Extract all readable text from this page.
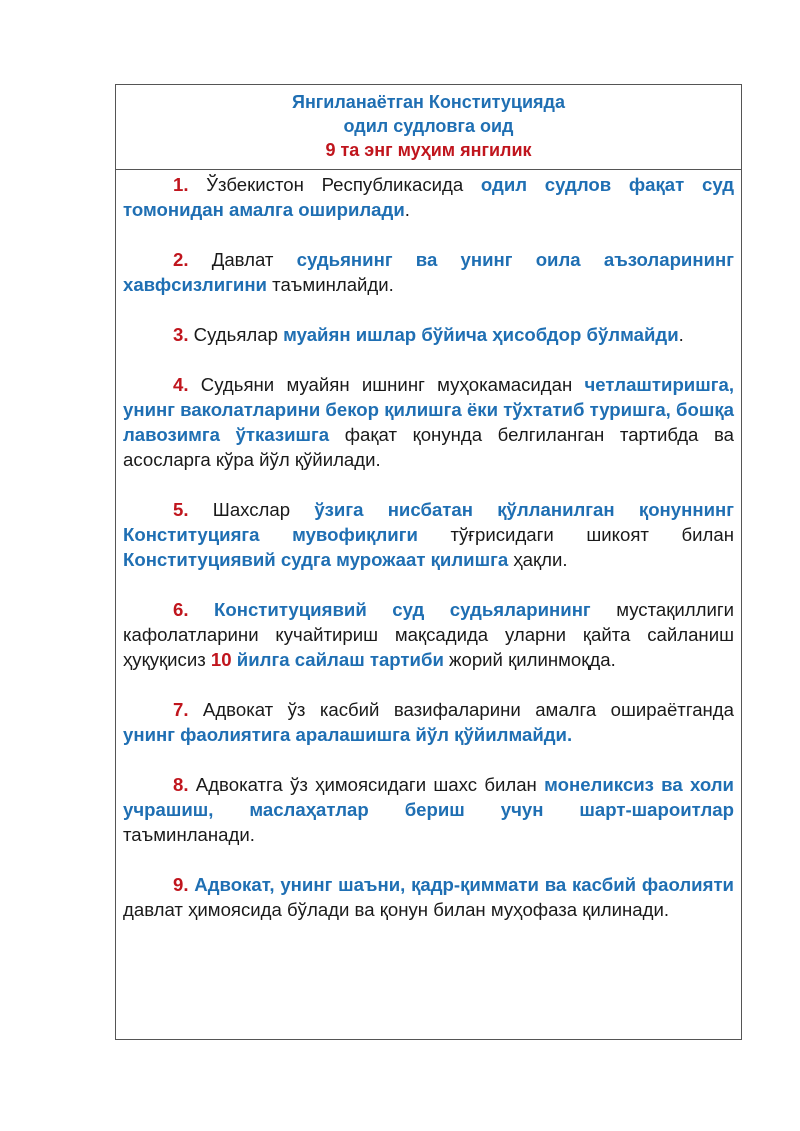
Янгиланаётган Конституцияда
одил судловга оид
9 та энг муҳим янгилик
1. Ўзбекистон Республикасида одил судлов фақат суд томонидан амалга оширилади.
2. Давлат судьянинг ва унинг оила аъзоларининг хавфсизлигини таъминлайди.
3. Судьялар муайян ишлар бўйича ҳисобдор бўлмайди.
4. Судьяни муайян ишнинг муҳокамасидан четлаштиришга, унинг ваколатларини бекор қилишга ёки тўхтатиб туришга, бошқа лавозимга ўтказишга фақат қонунда белгиланган тартибда ва асосларга кўра йўл қўйилади.
5. Шахслар ўзига нисбатан қўлланилган қонуннинг Конституцияга мувофиқлиги тўғрисидаги шикоят билан Конституциявий судга мурожаат қилишга ҳақли.
6. Конституциявий суд судьяларининг мустақиллиги кафолатларини кучайтириш мақсадида уларни қайта сайланиш ҳуқуқисиз 10 йилга сайлаш тартиби жорий қилинмоқда.
7. Адвокат ўз касбий вазифаларини амалга ошираётганда унинг фаолиятига аралашишга йўл қўйилмайди.
8. Адвокатга ўз ҳимоясидаги шахс билан монеликсиз ва холи учрашиш, маслаҳатлар бериш учун шарт-шароитлар таъминланади.
9. Адвокат, унинг шаъни, қадр-қиммати ва касбий фаолияти давлат ҳимоясида бўлади ва қонун билан муҳофаза қилинади.
